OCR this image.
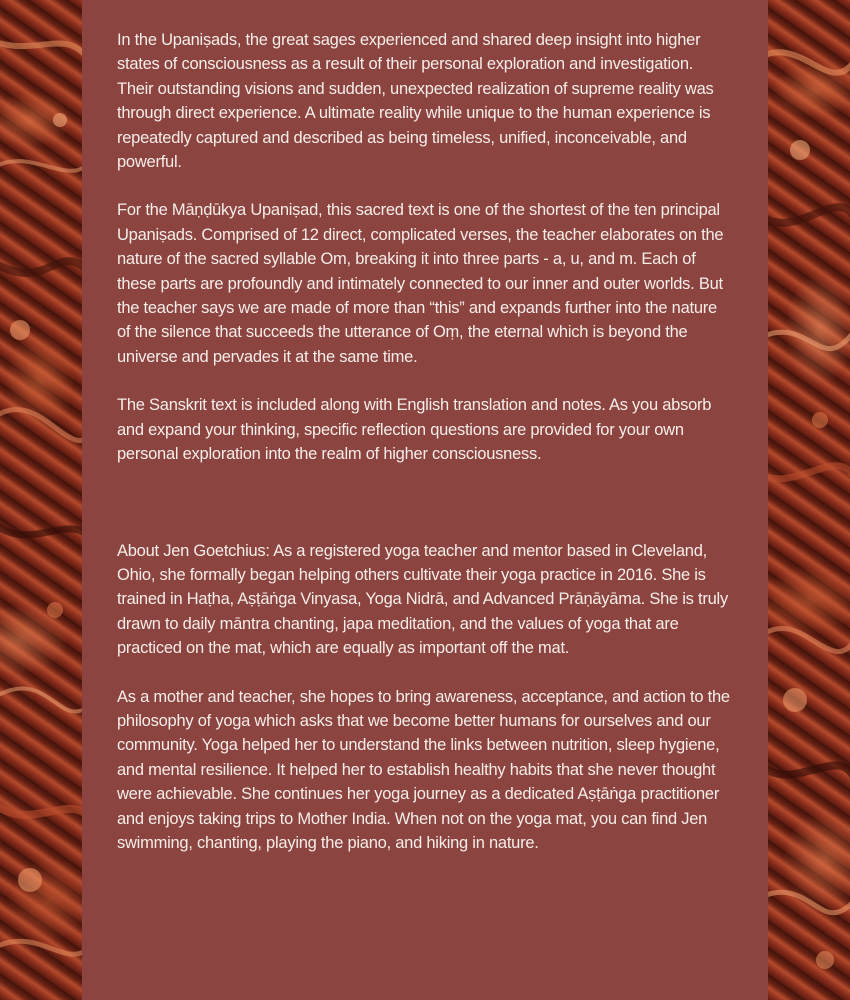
In the Upaniṣads, the great sages experienced and shared deep insight into higher states of consciousness as a result of their personal exploration and investigation. Their outstanding visions and sudden, unexpected realization of supreme reality was through direct experience. A ultimate reality while unique to the human experience is repeatedly captured and described as being timeless, unified, inconceivable, and powerful.

For the Māṇḍūkya Upaniṣad, this sacred text is one of the shortest of the ten principal Upaniṣads. Comprised of 12 direct, complicated verses, the teacher elaborates on the nature of the sacred syllable Om, breaking it into three parts - a, u, and m. Each of these parts are profoundly and intimately connected to our inner and outer worlds. But the teacher says we are made of more than “this” and expands further into the nature of the silence that succeeds the utterance of Oṃ, the eternal which is beyond the universe and pervades it at the same time.

The Sanskrit text is included along with English translation and notes. As you absorb and expand your thinking, specific reflection questions are provided for your own personal exploration into the realm of higher consciousness.

About Jen Goetchius: As a registered yoga teacher and mentor based in Cleveland, Ohio, she formally began helping others cultivate their yoga practice in 2016. She is trained in Haṭha, Aṣṭāṅga Vinyasa, Yoga Nidrā, and Advanced Prāṇāyāma. She is truly drawn to daily māntra chanting, japa meditation, and the values of yoga that are practiced on the mat, which are equally as important off the mat.

As a mother and teacher, she hopes to bring awareness, acceptance, and action to the philosophy of yoga which asks that we become better humans for ourselves and our community. Yoga helped her to understand the links between nutrition, sleep hygiene, and mental resilience. It helped her to establish healthy habits that she never thought were achievable. She continues her yoga journey as a dedicated Aṣṭāṅga practitioner and enjoys taking trips to Mother India. When not on the yoga mat, you can find Jen swimming, chanting, playing the piano, and hiking in nature.
